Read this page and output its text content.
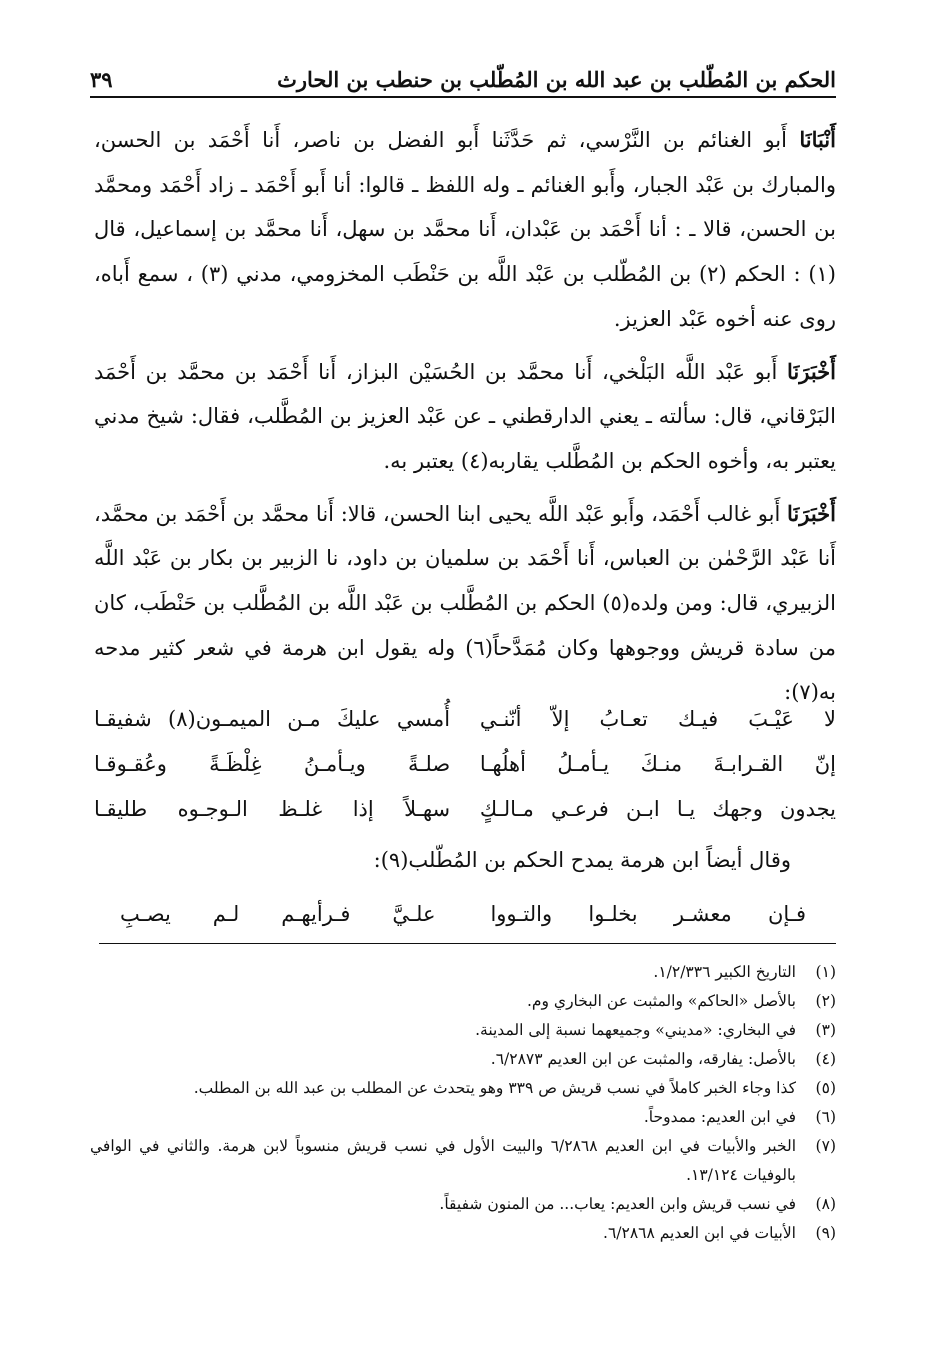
الحكم بن المُطّلب بن عبد الله بن المُطّلب بن حنطب بن الحارث
٣٩

أَنْبَانَا أَبو الغنائم بن النَّرْسي، ثم حَدَّثَنا أَبو الفضل بن ناصر، أَنا أَحْمَد بن الحسن، والمبارك بن عَبْد الجبار، وأَبو الغنائم ـ وله اللفظ ـ قالوا: أنا أَبو أَحْمَد ـ زاد أَحْمَد ومحمَّد بن الحسن، قالا ـ : أنا أَحْمَد بن عَبْدان، أَنا محمَّد بن سهل، أَنا محمَّد بن إسماعيل، قال (١) : الحكم (٢) بن المُطّلب بن عَبْد اللَّه بن حَنْطَب المخزومي، مدني (٣) ، سمع أَباه، روى عنه أخوه عَبْد العزيز.

أَخْبَرَنَا أَبو عَبْد اللَّه البَلْخي، أَنا محمَّد بن الحُسَيْن البزاز، أَنا أَحْمَد بن محمَّد بن أَحْمَد البَرْقاني، قال: سألته ـ يعني الدارقطني ـ عن عَبْد العزيز بن المُطَّلب، فقال: شيخ مدني يعتبر به، وأخوه الحكم بن المُطَّلب يقاربه(٤) يعتبر به.

أَخْبَرَنَا أَبو غالب أَحْمَد، وأَبو عَبْد اللَّه يحيى ابنا الحسن، قالا: أَنا محمَّد بن أَحْمَد بن محمَّد، أَنا عَبْد الرَّحْمٰن بن العباس، أَنا أَحْمَد بن سلميان بن داود، نا الزبير بن بكار بن عَبْد اللَّه الزبيري، قال: ومن ولده(٥) الحكم بن المُطَّلب بن عَبْد اللَّه بن المُطَّلب بن حَنْطَب، كان من سادة قريش ووجوهها وكان مُمَدَّحاً(٦) وله يقول ابن هرمة في شعر كثير مدحه به(٧):

لا عَيْـبَ فيـك تعـابُ إلاّ أنّنـي
أُمسي عليكَ مـن الميمـون(٨) شفيقـا
إنّ القـرابـةَ منـكَ يـأمـلُ أهلُهـا
صلـةً ويـأمـنُ غِلْظَـةً وعُقـوقـا
يجدون وجهك يـا ابـن فرعـي مـالـكٍ
سهـلاً إذا غلـظ الـوجـوه طليقـا
وقال أيضاً ابن هرمة يمدح الحكم بن المُطّلب(٩):
فـإن معشـر بخلـوا والتـووا
علـيَّ فـرأيهـم لـم يصـبِ
(١)
التاريخ الكبير ١/٢/٣٣٦.
(٢)
بالأصل «الحاكم» والمثبت عن البخاري وم.
(٣)
في البخاري: «مديني» وجميعهما نسبة إلى المدينة.
(٤)
بالأصل: يفارقه، والمثبت عن ابن العديم ٦/٢٨٧٣.
(٥)
كذا وجاء الخبر كاملاً في نسب قريش ص ٣٣٩ وهو يتحدث عن المطلب بن عبد الله بن المطلب.
(٦)
في ابن العديم: ممدوحاً.
(٧)
الخبر والأبيات في ابن العديم ٦/٢٨٦٨ والبيت الأول في نسب قريش منسوباً لابن هرمة. والثاني في الوافي بالوفيات ١٣/١٢٤.
(٨)
في نسب قريش وابن العديم: يعاب... من المنون شفيقاً.
(٩)
الأبيات في ابن العديم ٦/٢٨٦٨.
